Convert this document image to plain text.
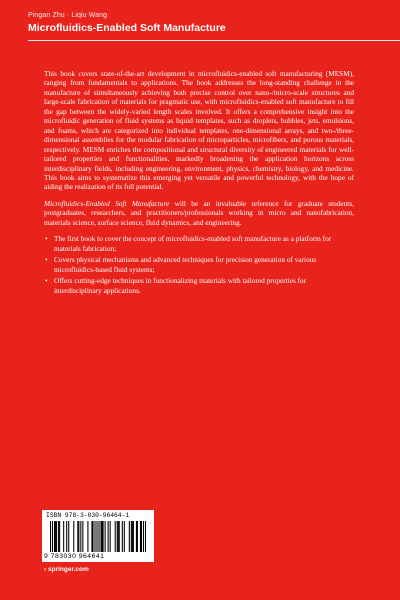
Pingan Zhu · Liqiu Wang
Microfluidics-Enabled Soft Manufacture

This book covers state-of-the-art development in microfluidics-enabled soft manufacturing (MESM), ranging from fundamentals to applications. The book addresses the long-standing challenge in the manufacture of simultaneously achieving both precise control over nano-/micro-scale structures and large-scale fabrication of materials for pragmatic use, with microfluidics-enabled soft manufacture to fill the gap between the widely-varied length scales involved. It offers a comprehensive insight into the microfluidic generation of fluid systems as liquid templates, such as droplets, bubbles, jets, emulsions, and foams, which are categorized into individual templates, one-dimensional arrays, and two-/three-dimensional assemblies for the modular fabrication of microparticles, microfibers, and porous materials, respectively. MESM enriches the compositional and structural diversity of engineered materials for well-tailored properties and functionalities, markedly broadening the application horizons across interdisciplinary fields, including engineering, environment, physics, chemistry, biology, and medicine. This book aims to systematize this emerging yet versatile and powerful technology, with the hope of aiding the realization of its full potential.

Microfluidics-Enabled Soft Manufacture will be an invaluable reference for graduate students, postgraduates, researchers, and practitioners/professionals working in micro and nanofabrication, materials science, surface science, fluid dynamics, and engineering.

• The first book to cover the concept of microfluidics-enabled soft manufacture as a platform for materials fabrication;
• Covers physical mechanisms and advanced techniques for precision generation of various microfluidics-based fluid systems;
• Offers cutting-edge techniques in functionalizing materials with tailored properties for interdisciplinary applications.
ISBN 978-3-030-96464-1
9 783030 964641
› springer.com
